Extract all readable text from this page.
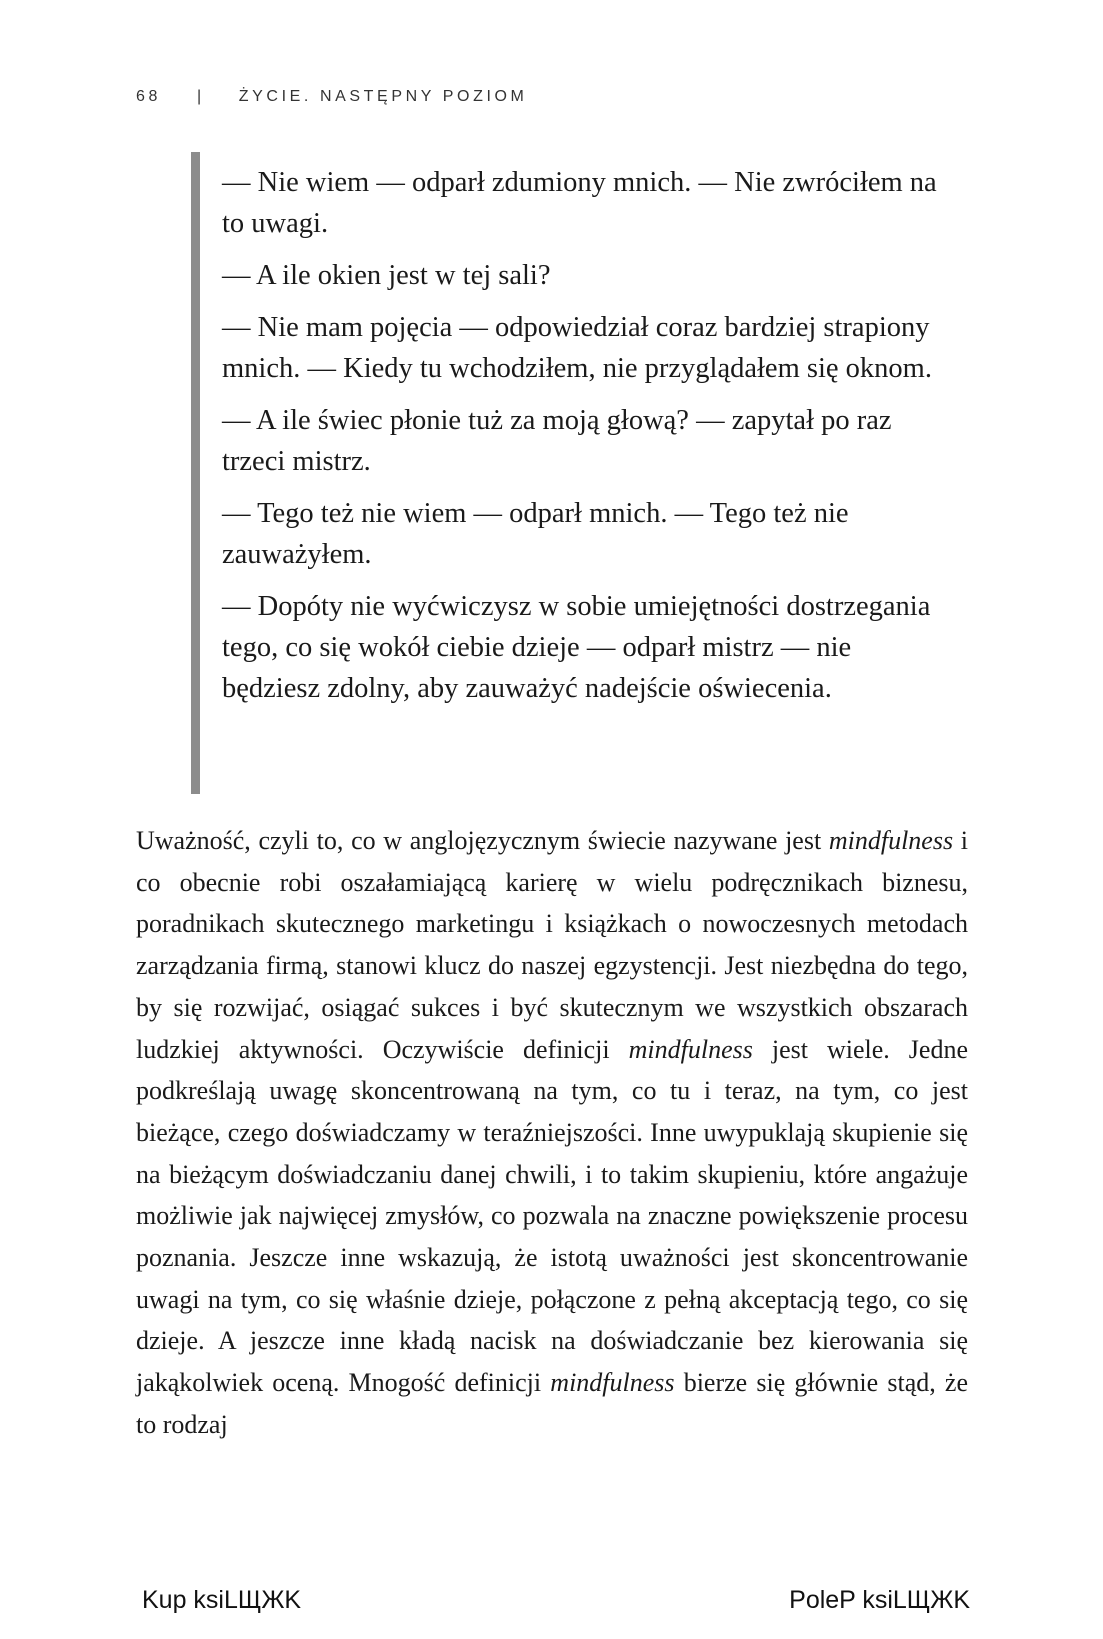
68 | ŻYCIE. NASTĘPNY POZIOM

— Nie wiem — odparł zdumiony mnich. — Nie zwróciłem na to uwagi.

— A ile okien jest w tej sali?

— Nie mam pojęcia — odpowiedział coraz bardziej strapiony mnich. — Kiedy tu wchodziłem, nie przyglądałem się oknom.

— A ile świec płonie tuż za moją głową? — zapytał po raz trzeci mistrz.

— Tego też nie wiem — odparł mnich. — Tego też nie zauważyłem.

— Dopóty nie wyćwiczysz w sobie umiejętności dostrzegania tego, co się wokół ciebie dzieje — odparł mistrz — nie będziesz zdolny, aby zauważyć nadejście oświecenia.

Uważność, czyli to, co w anglojęzycznym świecie nazywane jest mindfulness i co obecnie robi oszałamiającą karierę w wielu podręcznikach biznesu, poradnikach skutecznego marketingu i książkach o nowoczesnych metodach zarządzania firmą, stanowi klucz do naszej egzystencji. Jest niezbędna do tego, by się rozwijać, osiągać sukces i być skutecznym we wszystkich obszarach ludzkiej aktywności. Oczywiście definicji mindfulness jest wiele. Jedne podkreślają uwagę skoncentrowaną na tym, co tu i teraz, na tym, co jest bieżące, czego doświadczamy w teraźniejszości. Inne uwypuklają skupienie się na bieżącym doświadczaniu danej chwili, i to takim skupieniu, które angażuje możliwie jak najwięcej zmysłów, co pozwala na znaczne powiększenie procesu poznania. Jeszcze inne wskazują, że istotą uważności jest skoncentrowanie uwagi na tym, co się właśnie dzieje, połączone z pełną akceptacją tego, co się dzieje. A jeszcze inne kładą nacisk na doświadczanie bez kierowania się jakąkolwiek oceną. Mnogość definicji mindfulness bierze się głównie stąd, że to rodzaj

Kup ksiLЩЖK	PoleP ksiLЩЖK
